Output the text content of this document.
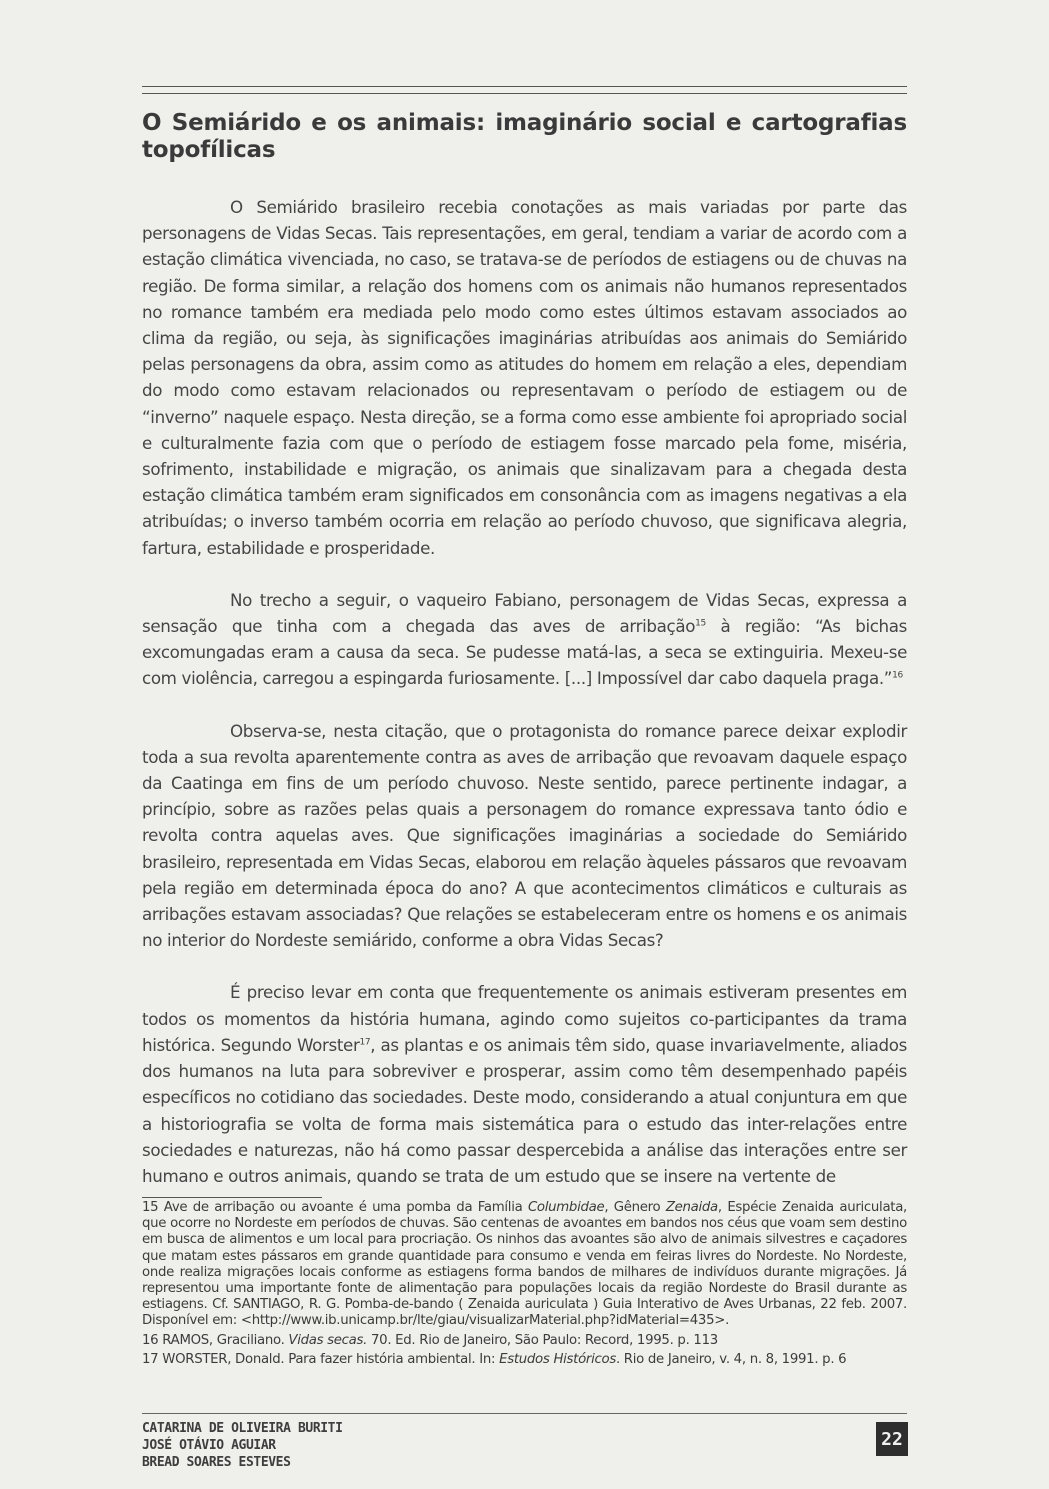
O Semiárido e os animais: imaginário social e cartografias topofílicas

O Semiárido brasileiro recebia conotações as mais variadas por parte das personagens de Vidas Secas. Tais representações, em geral, tendiam a variar de acordo com a estação climática vivenciada, no caso, se tratava-se de períodos de estiagens ou de chuvas na região. De forma similar, a relação dos homens com os animais não humanos representados no romance também era mediada pelo modo como estes últimos estavam associados ao clima da região, ou seja, às significações imaginárias atribuídas aos animais do Semiárido pelas personagens da obra, assim como as atitudes do homem em relação a eles, dependiam do modo como estavam relacionados ou representavam o período de estiagem ou de “inverno” naquele espaço. Nesta direção, se a forma como esse ambiente foi apropriado social e culturalmente fazia com que o período de estiagem fosse marcado pela fome, miséria, sofrimento, instabilidade e migração, os animais que sinalizavam para a chegada desta estação climática também eram significados em consonância com as imagens negativas a ela atribuídas; o inverso também ocorria em relação ao período chuvoso, que significava alegria, fartura, estabilidade e prosperidade.

No trecho a seguir, o vaqueiro Fabiano, personagem de Vidas Secas, expressa a sensação que tinha com a chegada das aves de arribação$^{15}$ à região: “As bichas excomungadas eram a causa da seca. Se pudesse matá-las, a seca se extinguiria. Mexeu-se com violência, carregou a espingarda furiosamente. [...] Impossível dar cabo daquela praga.”$^{16}$

Observa-se, nesta citação, que o protagonista do romance parece deixar explodir toda a sua revolta aparentemente contra as aves de arribação que revoavam daquele espaço da Caatinga em fins de um período chuvoso. Neste sentido, parece pertinente indagar, a princípio, sobre as razões pelas quais a personagem do romance expressava tanto ódio e revolta contra aquelas aves. Que significações imaginárias a sociedade do Semiárido brasileiro, representada em Vidas Secas, elaborou em relação àqueles pássaros que revoavam pela região em determinada época do ano? A que acontecimentos climáticos e culturais as arribações estavam associadas? Que relações se estabeleceram entre os homens e os animais no interior do Nordeste semiárido, conforme a obra Vidas Secas?

É preciso levar em conta que frequentemente os animais estiveram presentes em todos os momentos da história humana, agindo como sujeitos co-participantes da trama histórica. Segundo Worster$^{17}$, as plantas e os animais têm sido, quase invariavelmente, aliados dos humanos na luta para sobreviver e prosperar, assim como têm desempenhado papéis específicos no cotidiano das sociedades. Deste modo, considerando a atual conjuntura em que a historiografia se volta de forma mais sistemática para o estudo das inter-relações entre sociedades e naturezas, não há como passar despercebida a análise das interações entre ser humano e outros animais, quando se trata de um estudo que se insere na vertente de

15 Ave de arribação ou avoante é uma pomba da Família Columbidae, Gênero Zenaida, Espécie Zenaida auriculata, que ocorre no Nordeste em períodos de chuvas. São centenas de avoantes em bandos nos céus que voam sem destino em busca de alimentos e um local para procriação. Os ninhos das avoantes são alvo de animais silvestres e caçadores que matam estes pássaros em grande quantidade para consumo e venda em feiras livres do Nordeste. No Nordeste, onde realiza migrações locais conforme as estiagens forma bandos de milhares de indivíduos durante migrações. Já representou uma importante fonte de alimentação para populações locais da região Nordeste do Brasil durante as estiagens. Cf. SANTIAGO, R. G. Pomba-de-bando ( Zenaida auriculata ) Guia Interativo de Aves Urbanas, 22 feb. 2007. Disponível em: <http://www.ib.unicamp.br/lte/giau/visualizarMaterial.php?idMaterial=435>.
16 RAMOS, Graciliano. Vidas secas. 70. Ed. Rio de Janeiro, São Paulo: Record, 1995. p. 113
17 WORSTER, Donald. Para fazer história ambiental. In: Estudos Históricos. Rio de Janeiro, v. 4, n. 8, 1991. p. 6
CATARINA DE OLIVEIRA BURITI
JOSÉ OTÁVIO AGUIAR
BREAD SOARES ESTEVES
22
